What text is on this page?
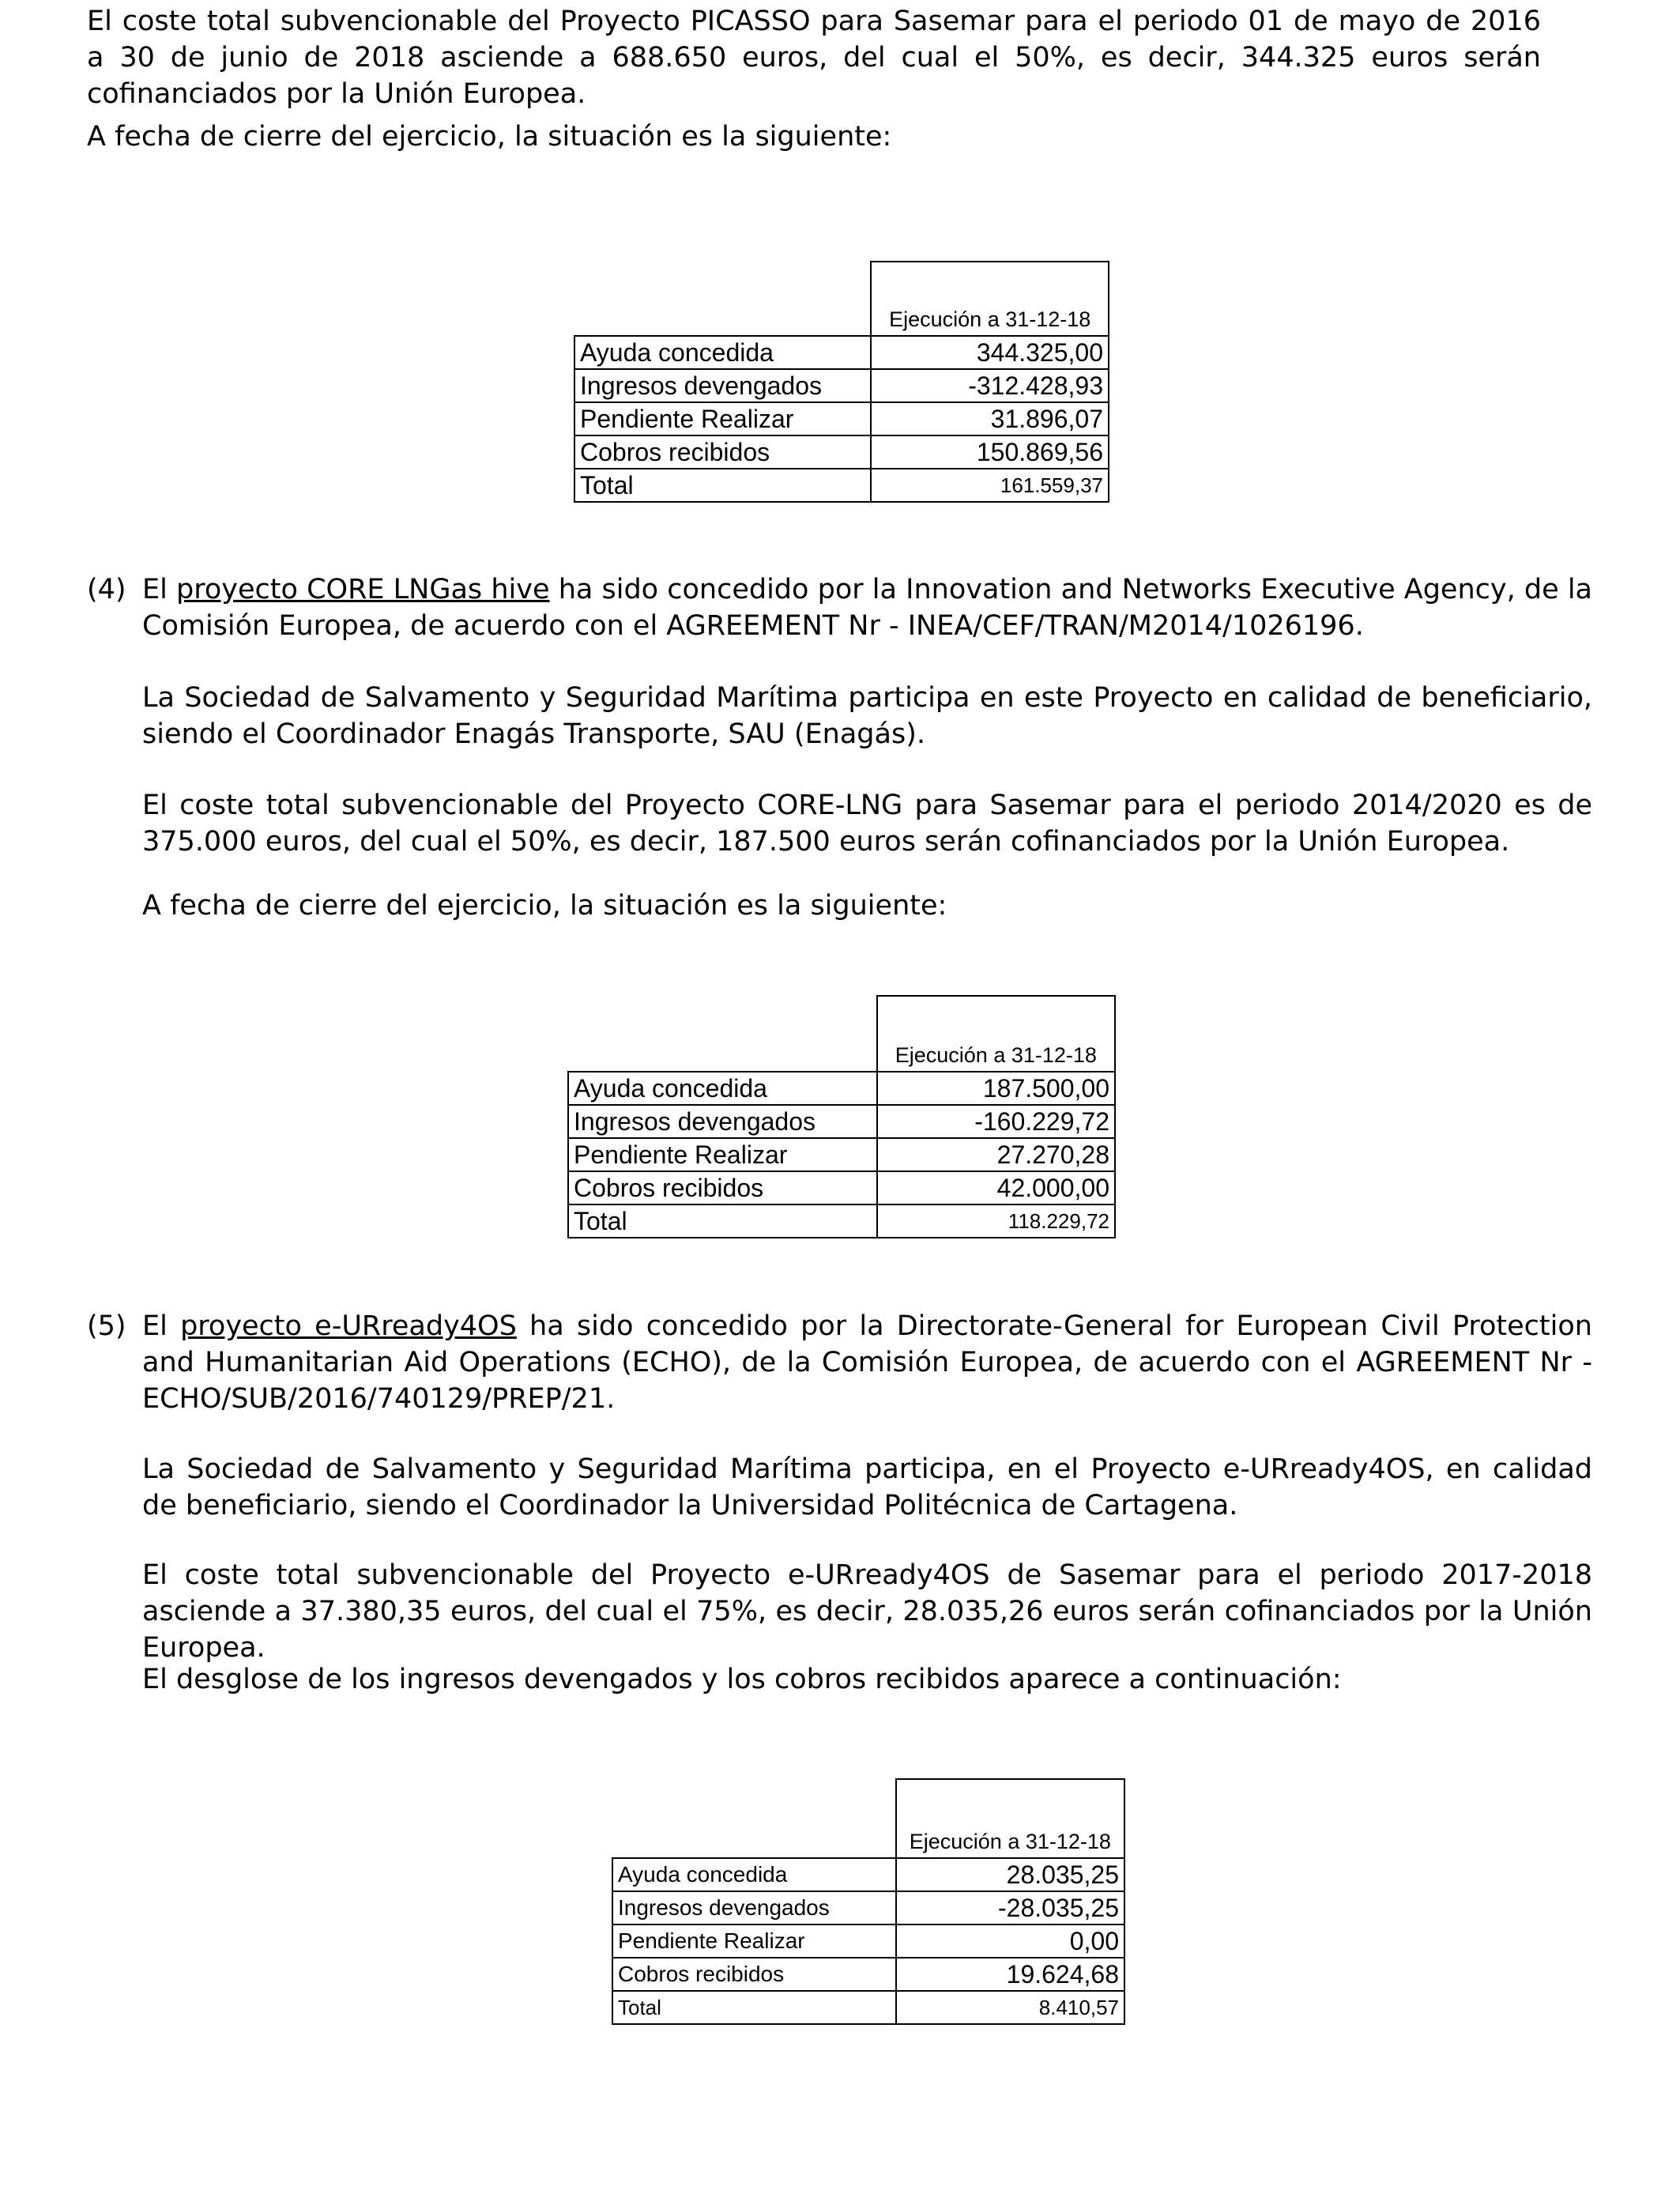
El coste total subvencionable del Proyecto PICASSO para Sasemar para el periodo 01 de mayo de 2016 a 30 de junio de 2018 asciende a 688.650 euros, del cual el 50%, es decir, 344.325 euros serán cofinanciados por la Unión Europea.

A fecha de cierre del ejercicio, la situación es la siguiente:

	Ejecución a 31-12-18
Ayuda concedida	344.325,00
Ingresos devengados	-312.428,93
Pendiente Realizar	31.896,07
Cobros recibidos	150.869,56
Total	161.559,37
(4) El proyecto CORE LNGas hive ha sido concedido por la Innovation and Networks Executive Agency, de la Comisión Europea, de acuerdo con el AGREEMENT Nr - INEA/CEF/TRAN/M2014/1026196.

La Sociedad de Salvamento y Seguridad Marítima participa en este Proyecto en calidad de beneficiario, siendo el Coordinador Enagás Transporte, SAU (Enagás).

El coste total subvencionable del Proyecto CORE-LNG para Sasemar para el periodo 2014/2020 es de 375.000 euros, del cual el 50%, es decir, 187.500 euros serán cofinanciados por la Unión Europea.

A fecha de cierre del ejercicio, la situación es la siguiente:

	Ejecución a 31-12-18
Ayuda concedida	187.500,00
Ingresos devengados	-160.229,72
Pendiente Realizar	27.270,28
Cobros recibidos	42.000,00
Total	118.229,72
(5) El proyecto e-URready4OS ha sido concedido por la Directorate-General for European Civil Protection and Humanitarian Aid Operations (ECHO), de la Comisión Europea, de acuerdo con el AGREEMENT Nr - ECHO/SUB/2016/740129/PREP/21.

La Sociedad de Salvamento y Seguridad Marítima participa, en el Proyecto e-URready4OS, en calidad de beneficiario, siendo el Coordinador la Universidad Politécnica de Cartagena.

El coste total subvencionable del Proyecto e-URready4OS de Sasemar para el periodo 2017-2018 asciende a 37.380,35 euros, del cual el 75%, es decir, 28.035,26 euros serán cofinanciados por la Unión Europea.

El desglose de los ingresos devengados y los cobros recibidos aparece a continuación:

	Ejecución a 31-12-18
Ayuda concedida	28.035,25
Ingresos devengados	-28.035,25
Pendiente Realizar	0,00
Cobros recibidos	19.624,68
Total	8.410,57
